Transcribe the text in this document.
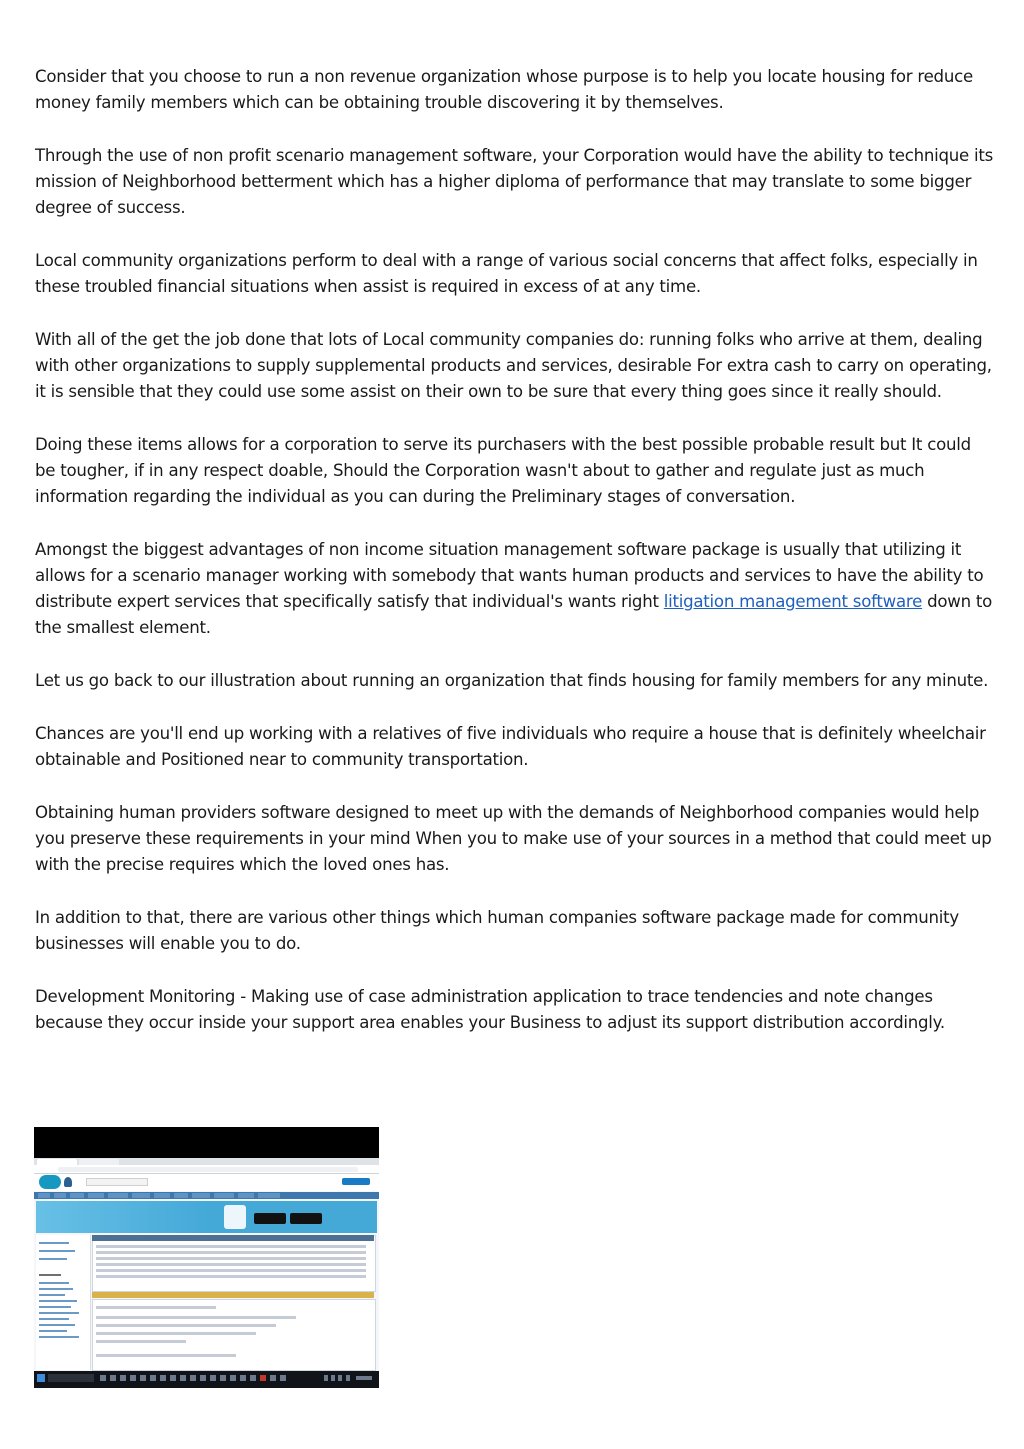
Consider that you choose to run a non revenue organization whose purpose is to help you locate housing for reduce money family members which can be obtaining trouble discovering it by themselves.

Through the use of non profit scenario management software, your Corporation would have the ability to technique its mission of Neighborhood betterment which has a higher diploma of performance that may translate to some bigger degree of success.

Local community organizations perform to deal with a range of various social concerns that affect folks, especially in these troubled financial situations when assist is required in excess of at any time.

With all of the get the job done that lots of Local community companies do: running folks who arrive at them, dealing with other organizations to supply supplemental products and services, desirable For extra cash to carry on operating, it is sensible that they could use some assist on their own to be sure that every thing goes since it really should.

Doing these items allows for a corporation to serve its purchasers with the best possible probable result but It could be tougher, if in any respect doable, Should the Corporation wasn't about to gather and regulate just as much information regarding the individual as you can during the Preliminary stages of conversation.

Amongst the biggest advantages of non income situation management software package is usually that utilizing it allows for a scenario manager working with somebody that wants human products and services to have the ability to distribute expert services that specifically satisfy that individual's wants right litigation management software down to the smallest element.

Let us go back to our illustration about running an organization that finds housing for family members for any minute.

Chances are you'll end up working with a relatives of five individuals who require a house that is definitely wheelchair obtainable and Positioned near to community transportation.

Obtaining human providers software designed to meet up with the demands of Neighborhood companies would help you preserve these requirements in your mind When you to make use of your sources in a method that could meet up with the precise requires which the loved ones has.

In addition to that, there are various other things which human companies software package made for community businesses will enable you to do.

Development Monitoring - Making use of case administration application to trace tendencies and note changes because they occur inside your support area enables your Business to adjust its support distribution accordingly.
